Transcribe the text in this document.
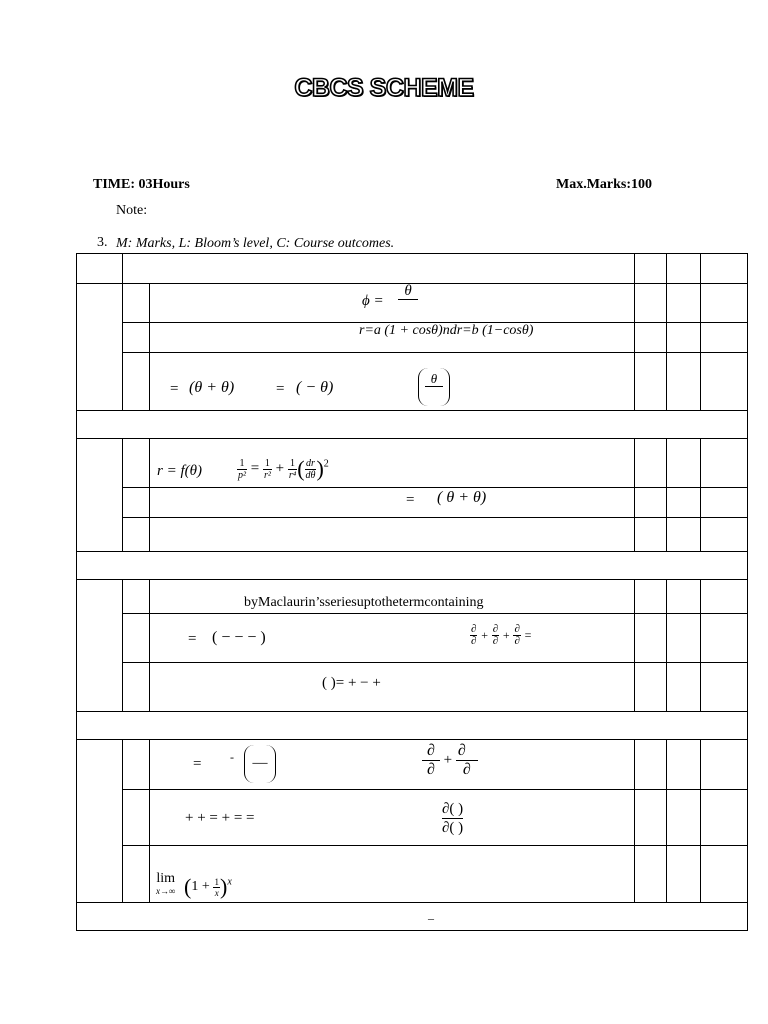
CBCS SCHEME
TIME: 03Hours	Max.Marks:100
Note:
3. M: Marks, L: Bloom’s level, C: Course outcomes.
ϕ =
θ
r=a (1 + cosθ)ndr=b (1−cosθ)
= (θ + θ)	= ( − θ)
θ
r = f(θ)	$\frac{1}{\text{p²}} = \frac{1}{\text{r²}} + \frac{1}{\text{r⁴}}$ ( $\frac{dr}{d\theta} )^2$
= ( θ + θ)
byMaclaurin’sseriesuptothetermcontaining
= ( − − − )	$\frac{\partial}{\partial} + \frac{\partial}{\partial} + \frac{\partial}{\partial}$ =
( )= + − +
= -	—	$\frac{\partial}{\partial} + \frac{\partial}{\partial}$
+ + = + = =
∂( )
∂( )
lim
x→∞ $(1 + \frac{1}{x} )^x$
–
